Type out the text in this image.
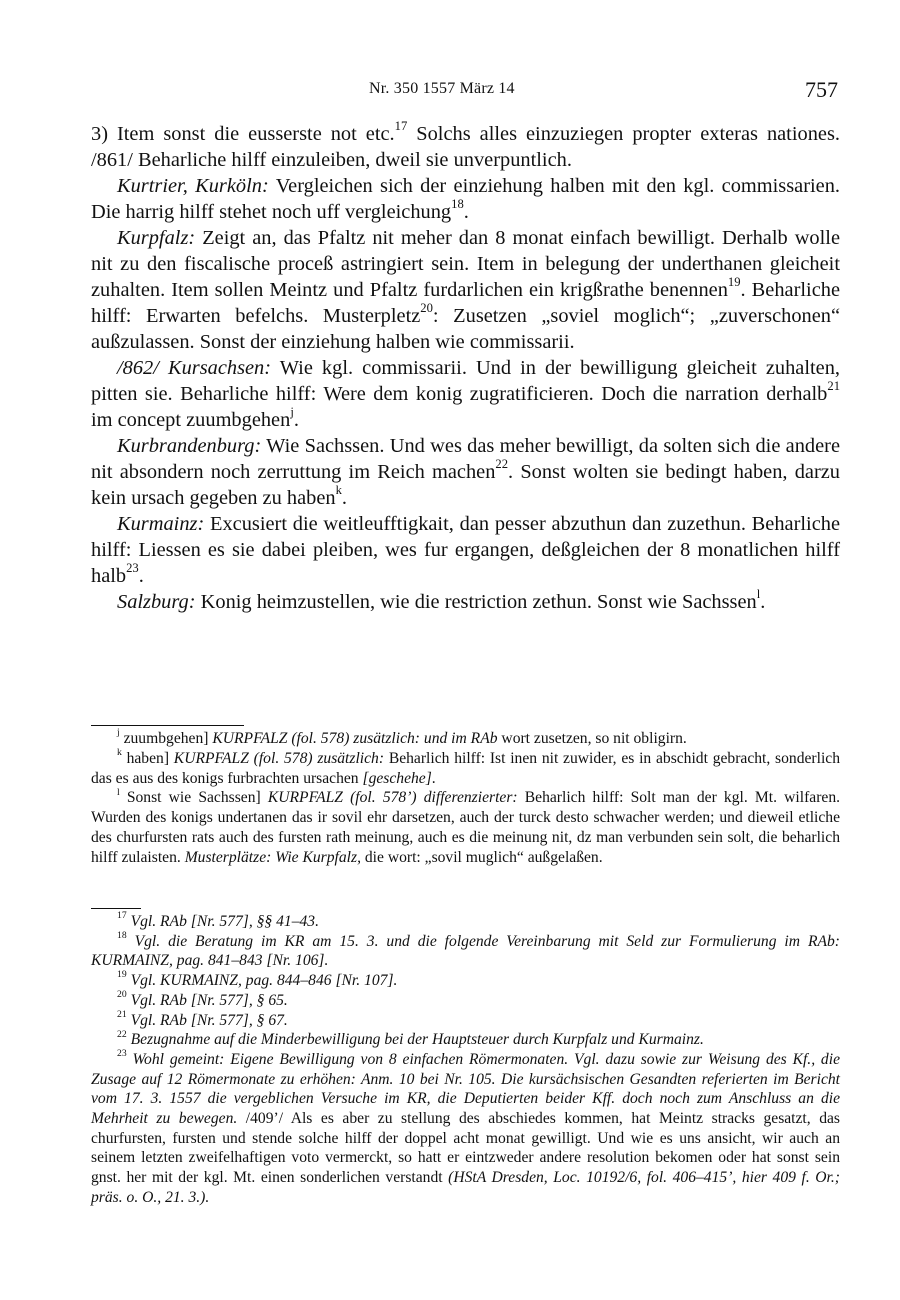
Nr. 350 1557 März 14	757

3) Item sonst die eusserste not etc.$^{17}$ Solchs alles einzuziegen propter exteras nationes. /861/ Beharliche hilff einzuleiben, dweil sie unverpuntlich.

Kurtrier, Kurköln: Vergleichen sich der einziehung halben mit den kgl. commissarien. Die harrig hilff stehet noch uff vergleichung$^{18}$.

Kurpfalz: Zeigt an, das Pfaltz nit meher dan 8 monat einfach bewilligt. Derhalb wolle nit zu den fiscalische proceß astringiert sein. Item in belegung der underthanen gleicheit zuhalten. Item sollen Meintz und Pfaltz furdarlichen ein krigßrathe benennen$^{19}$. Beharliche hilff: Erwarten befelchs. Musterpletz$^{20}$: Zusetzen „soviel moglich“; „zuverschonen“ außzulassen. Sonst der einziehung halben wie commissarii.

/862/ Kursachsen: Wie kgl. commissarii. Und in der bewilligung gleicheit zuhalten, pitten sie. Beharliche hilff: Were dem konig zugratificieren. Doch die narration derhalb$^{21}$ im concept zuumbgehen$^j$.

Kurbrandenburg: Wie Sachssen. Und wes das meher bewilligt, da solten sich die andere nit absondern noch zerruttung im Reich machen$^{22}$. Sonst wolten sie bedingt haben, darzu kein ursach gegeben zu haben$^k$.

Kurmainz: Excusiert die weitleufftigkait, dan pesser abzuthun dan zuzethun. Beharliche hilff: Liessen es sie dabei pleiben, wes fur ergangen, deßgleichen der 8 monatlichen hilff halb$^{23}$.

Salzburg: Konig heimzustellen, wie die restriction zethun. Sonst wie Sachssen$^l$.

$^j$ zuumbgehen] KURPFALZ (fol. 578) zusätzlich: und im RAb wort zusetzen, so nit obligirn.

$^k$ haben] KURPFALZ (fol. 578) zusätzlich: Beharlich hilff: Ist inen nit zuwider, es in abschidt gebracht, sonderlich das es aus des konigs furbrachten ursachen [geschehe].

$^l$ Sonst wie Sachssen] KURPFALZ (fol. 578’) differenzierter: Beharlich hilff: Solt man der kgl. Mt. wilfaren. Wurden des konigs undertanen das ir sovil ehr darsetzen, auch der turck desto schwacher werden; und dieweil etliche des churfursten rats auch des fursten rath meinung, auch es die meinung nit, dz man verbunden sein solt, die beharlich hilff zulaisten. Musterplätze: Wie Kurpfalz, die wort: „sovil muglich“ außgelaßen.

$^{17}$ Vgl. RAb [Nr. 577], §§ 41–43.

$^{18}$ Vgl. die Beratung im KR am 15. 3. und die folgende Vereinbarung mit Seld zur Formulierung im RAb: KURMAINZ, pag. 841–843 [Nr. 106].

$^{19}$ Vgl. KURMAINZ, pag. 844–846 [Nr. 107].

$^{20}$ Vgl. RAb [Nr. 577], § 65.

$^{21}$ Vgl. RAb [Nr. 577], § 67.

$^{22}$ Bezugnahme auf die Minderbewilligung bei der Hauptsteuer durch Kurpfalz und Kurmainz.

$^{23}$ Wohl gemeint: Eigene Bewilligung von 8 einfachen Römermonaten. Vgl. dazu sowie zur Weisung des Kf., die Zusage auf 12 Römermonate zu erhöhen: Anm. 10 bei Nr. 105. Die kursächsischen Gesandten referierten im Bericht vom 17. 3. 1557 die vergeblichen Versuche im KR, die Deputierten beider Kff. doch noch zum Anschluss an die Mehrheit zu bewegen. /409’/ Als es aber zu stellung des abschiedes kommen, hat Meintz stracks gesatzt, das churfursten, fursten und stende solche hilff der doppel acht monat gewilligt. Und wie es uns ansicht, wir auch an seinem letzten zweifelhaftigen voto vermerckt, so hatt er eintzweder andere resolution bekomen oder hat sonst sein gnst. her mit der kgl. Mt. einen sonderlichen verstandt (HStA Dresden, Loc. 10192/6, fol. 406–415’, hier 409 f. Or.; präs. o. O., 21. 3.).
